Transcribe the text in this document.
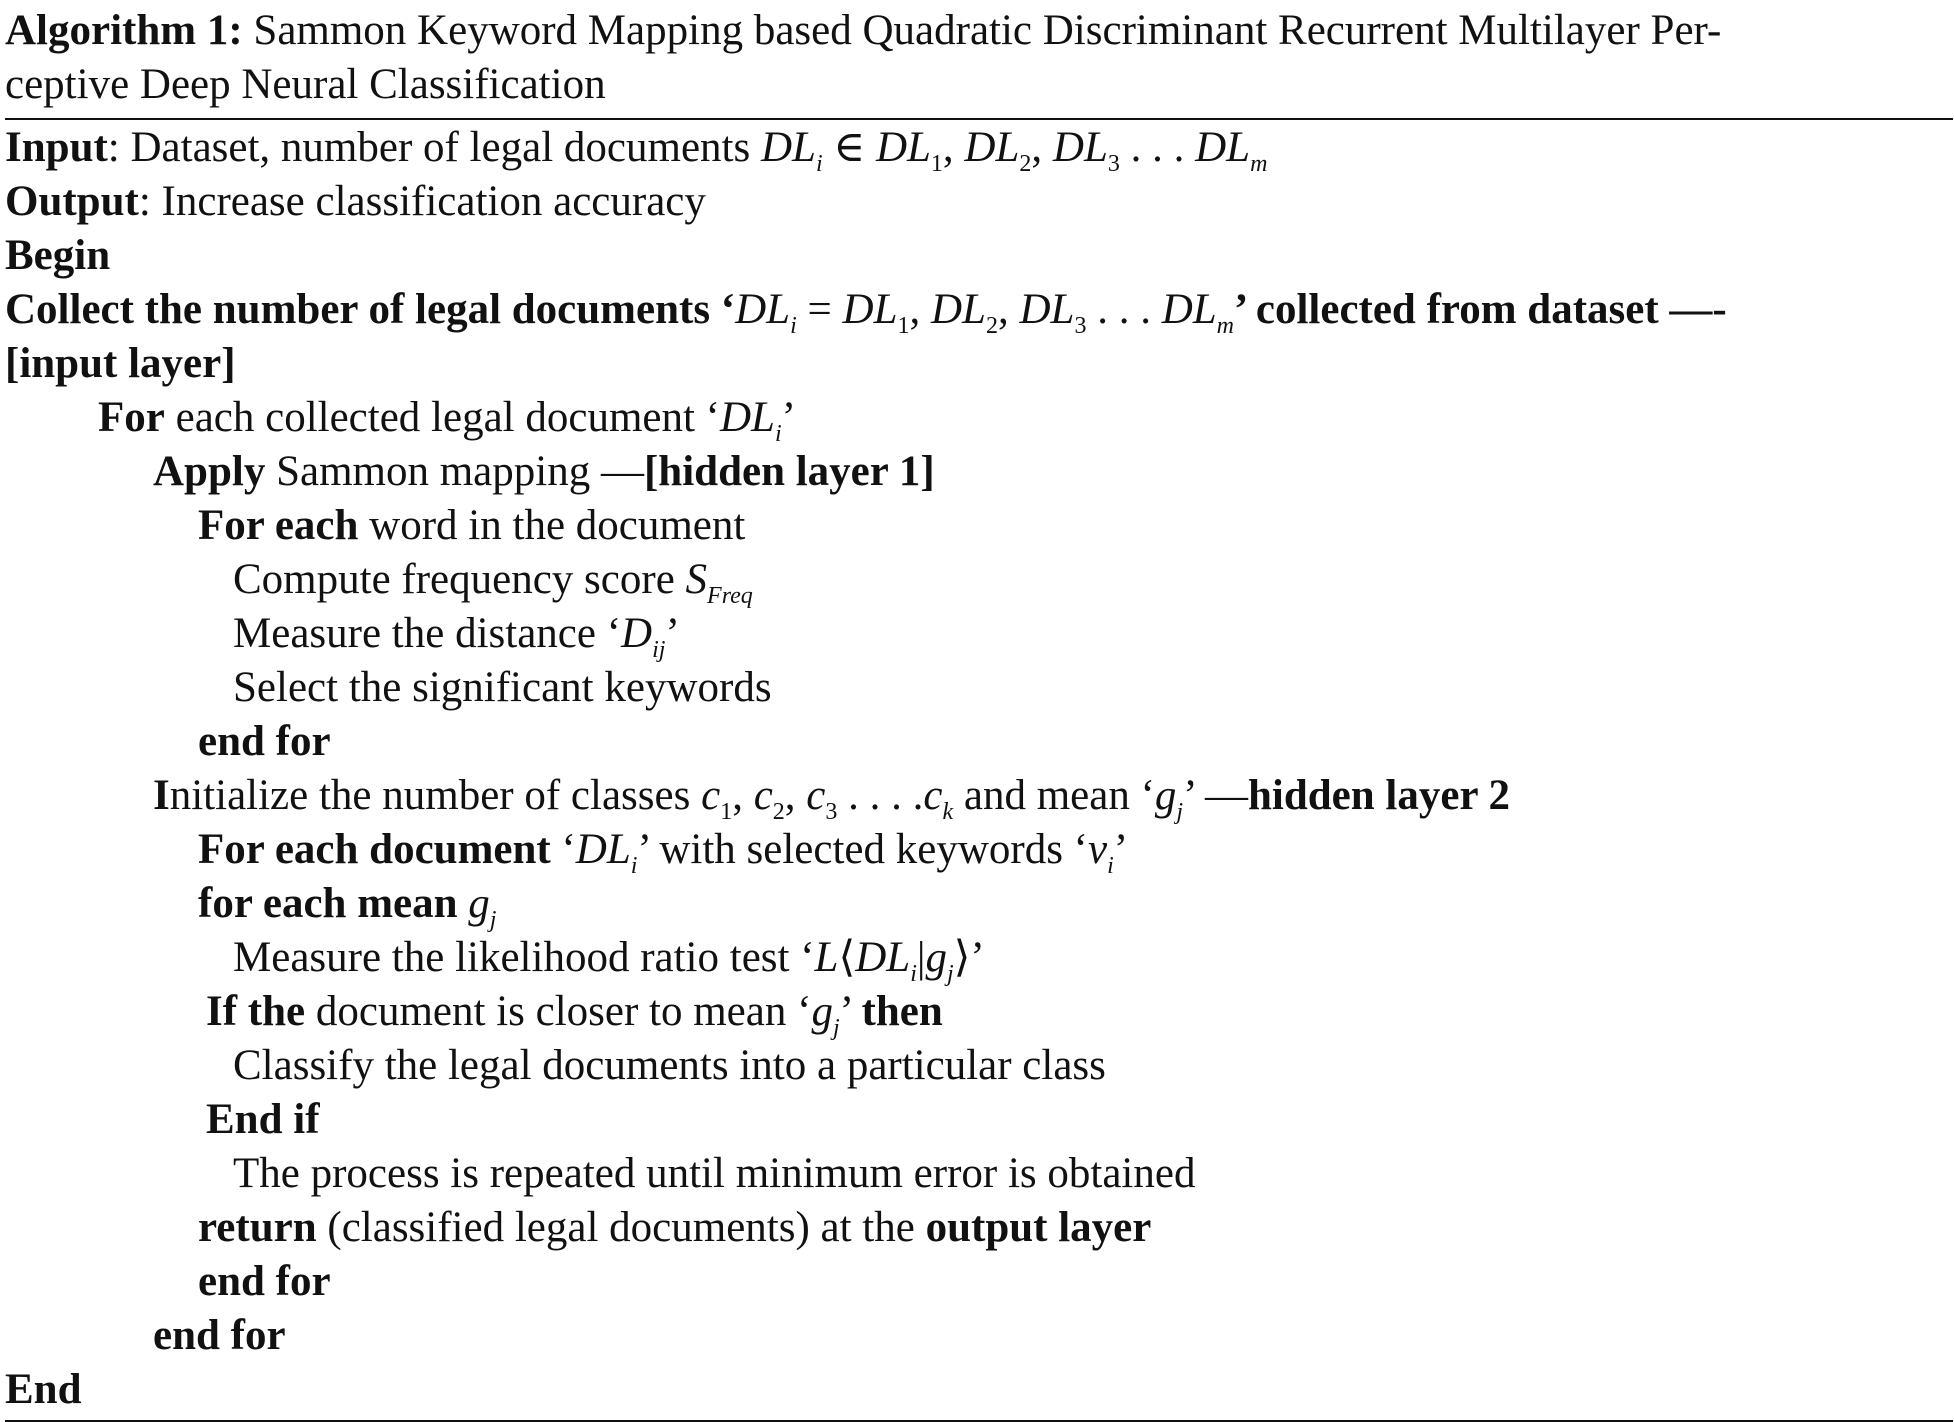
Algorithm 1: Sammon Keyword Mapping based Quadratic Discriminant Recurrent Multilayer Per-
ceptive Deep Neural Classification
Input: Dataset, number of legal documents $DL_i$ ∈ $DL_1$, $DL_2$, $DL_3$ . . . $DL_m$
Output: Increase classification accuracy
Begin
Collect the number of legal documents ‘$DL_i = DL_1$, $DL_2$, $DL_3$ . . . $DL_m$’ collected from dataset —-
[input layer]
For each collected legal document ‘$DL_i$’
Apply Sammon mapping —[hidden layer 1]
For each word in the document
Compute frequency score $S_{Freq}$
Measure the distance ‘$D_{ij}$’
Select the significant keywords
end for
Initialize the number of classes $c_1$, $c_2$, $c_3$ . . . $.c_k$ and mean ‘$g_j$’ —hidden layer 2
For each document ‘$DL_i$’ with selected keywords ‘$v_i$’
for each mean $g_j$
Measure the likelihood ratio test ‘$L⟨DL_i|g_j⟩$’
If the document is closer to mean ‘$g_j$’ then
Classify the legal documents into a particular class
End if
The process is repeated until minimum error is obtained
return (classified legal documents) at the output layer
end for
end for
End
